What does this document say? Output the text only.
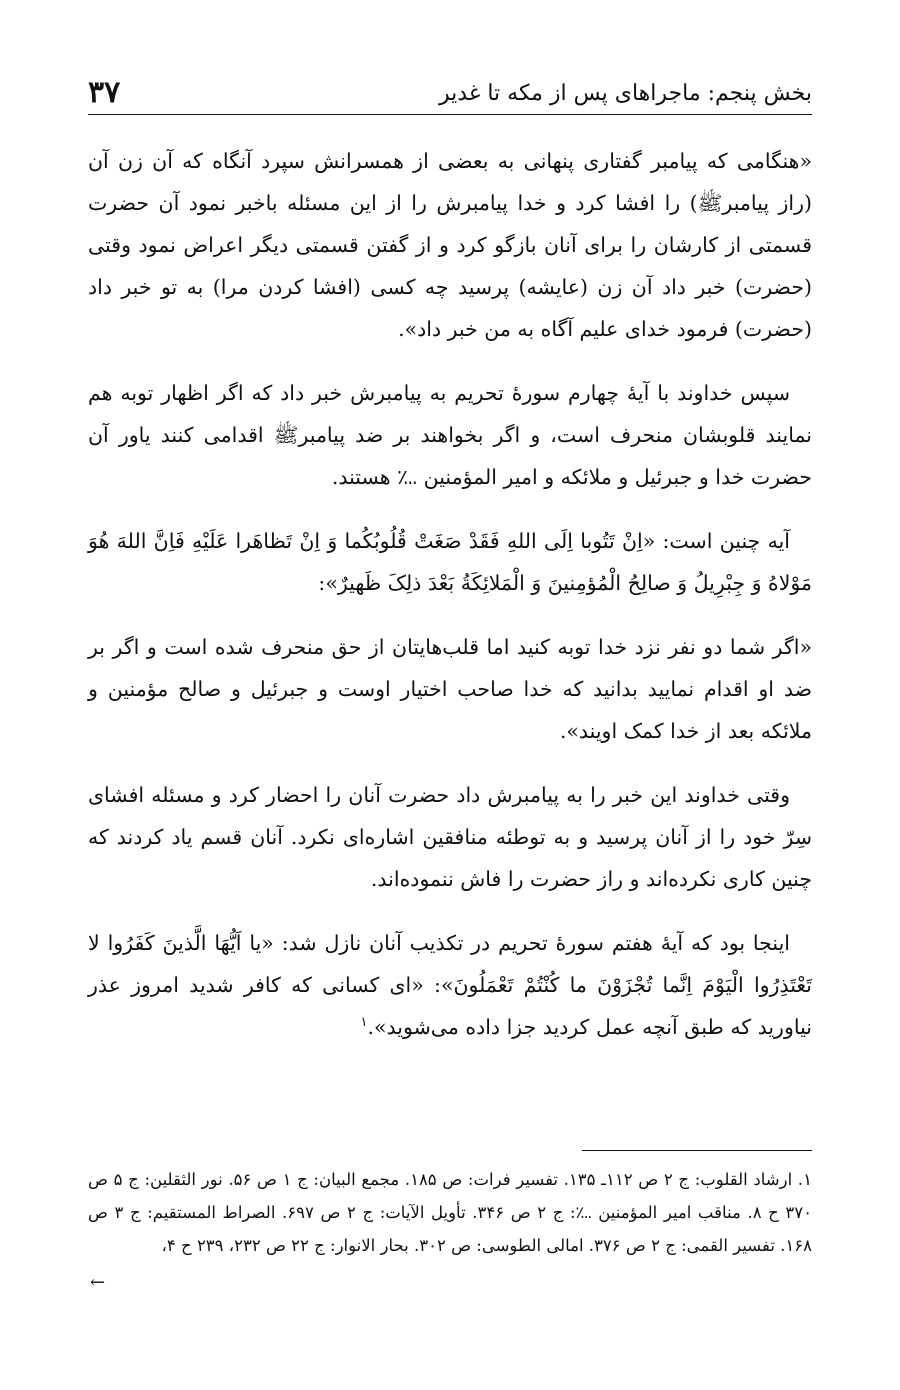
بخش پنجم: ماجراهای پس از مکه تا غدیر
۳۷

«هنگامی که پیامبر گفتاری پنهانی به بعضی از همسرانش سپرد آنگاه که آن زن آن (راز پیامبرﷺ) را افشا کرد و خدا پیامبرش را از این مسئله باخبر نمود آن حضرت قسمتی از کارشان را برای آنان بازگو کرد و از گفتن قسمتی دیگر اعراض نمود وقتی (حضرت) خبر داد آن زن (عایشه) پرسید چه کسی (افشا کردن مرا) به تو خبر داد (حضرت) فرمود خدای علیم آگاه به من خبر داد».

سپس خداوند با آیهٔ چهارم سورهٔ تحریم به پیامبرش خبر داد که اگر اظهار توبه هم نمایند قلوبشان منحرف است، و اگر بخواهند بر ضد پیامبرﷺ اقدامی کنند یاور آن حضرت خدا و جبرئیل و ملائکه و امیر المؤمنین ؊ هستند.

آیه چنین است: «اِنْ تَتُوبا اِلَی اللهِ فَقَدْ صَغَتْ قُلُوبُکُما وَ اِنْ تَظاهَرا عَلَیْهِ فَاِنَّ اللهَ هُوَ مَوْلاهُ وَ جِبْرِیلُ وَ صالِحُ الْمُؤمِنینَ وَ الْمَلائِکَةُ بَعْدَ ذلِکَ ظَهیرٌ»:

«اگر شما دو نفر نزد خدا توبه کنید اما قلب‌هایتان از حق منحرف شده است و اگر بر ضد او اقدام نمایید بدانید که خدا صاحب اختیار اوست و جبرئیل و صالح مؤمنین و ملائکه بعد از خدا کمک اویند».

وقتی خداوند این خبر را به پیامبرش داد حضرت آنان را احضار کرد و مسئله افشای سِرّ خود را از آنان پرسید و به توطئه منافقین اشاره‌ای نکرد. آنان قسم یاد کردند که چنین کاری نکرده‌اند و راز حضرت را فاش ننموده‌اند.

اینجا بود که آیهٔ هفتم سورهٔ تحریم در تکذیب آنان نازل شد: «یا اَیُّهَا الَّذینَ کَفَرُوا لا تَعْتَذِرُوا الْیَوْمَ اِنَّما تُجْزَوْنَ ما کُنْتُمْ تَعْمَلُونَ»: «ای کسانی که کافر شدید امروز عذر نیاورید که طبق آنچه عمل کردید جزا داده می‌شوید».$^۱$

۱. ارشاد القلوب: ج ۲ ص ۱۱۲ـ ۱۳۵. تفسیر فرات: ص ۱۸۵. مجمع البیان: ج ۱ ص ۵۶. نور الثقلین: ج ۵ ص ۳۷۰ ح ۸. مناقب امیر المؤمنین ؊: ج ۲ ص ۳۴۶. تأویل الآیات: ج ۲ ص ۶۹۷. الصراط المستقیم: ج ۳ ص ۱۶۸. تفسیر القمی: ج ۲ ص ۳۷۶. امالی الطوسی: ص ۳۰۲. بحار الانوار: ج ۲۲ ص ۲۳۲، ۲۳۹ ح ۴،

←
